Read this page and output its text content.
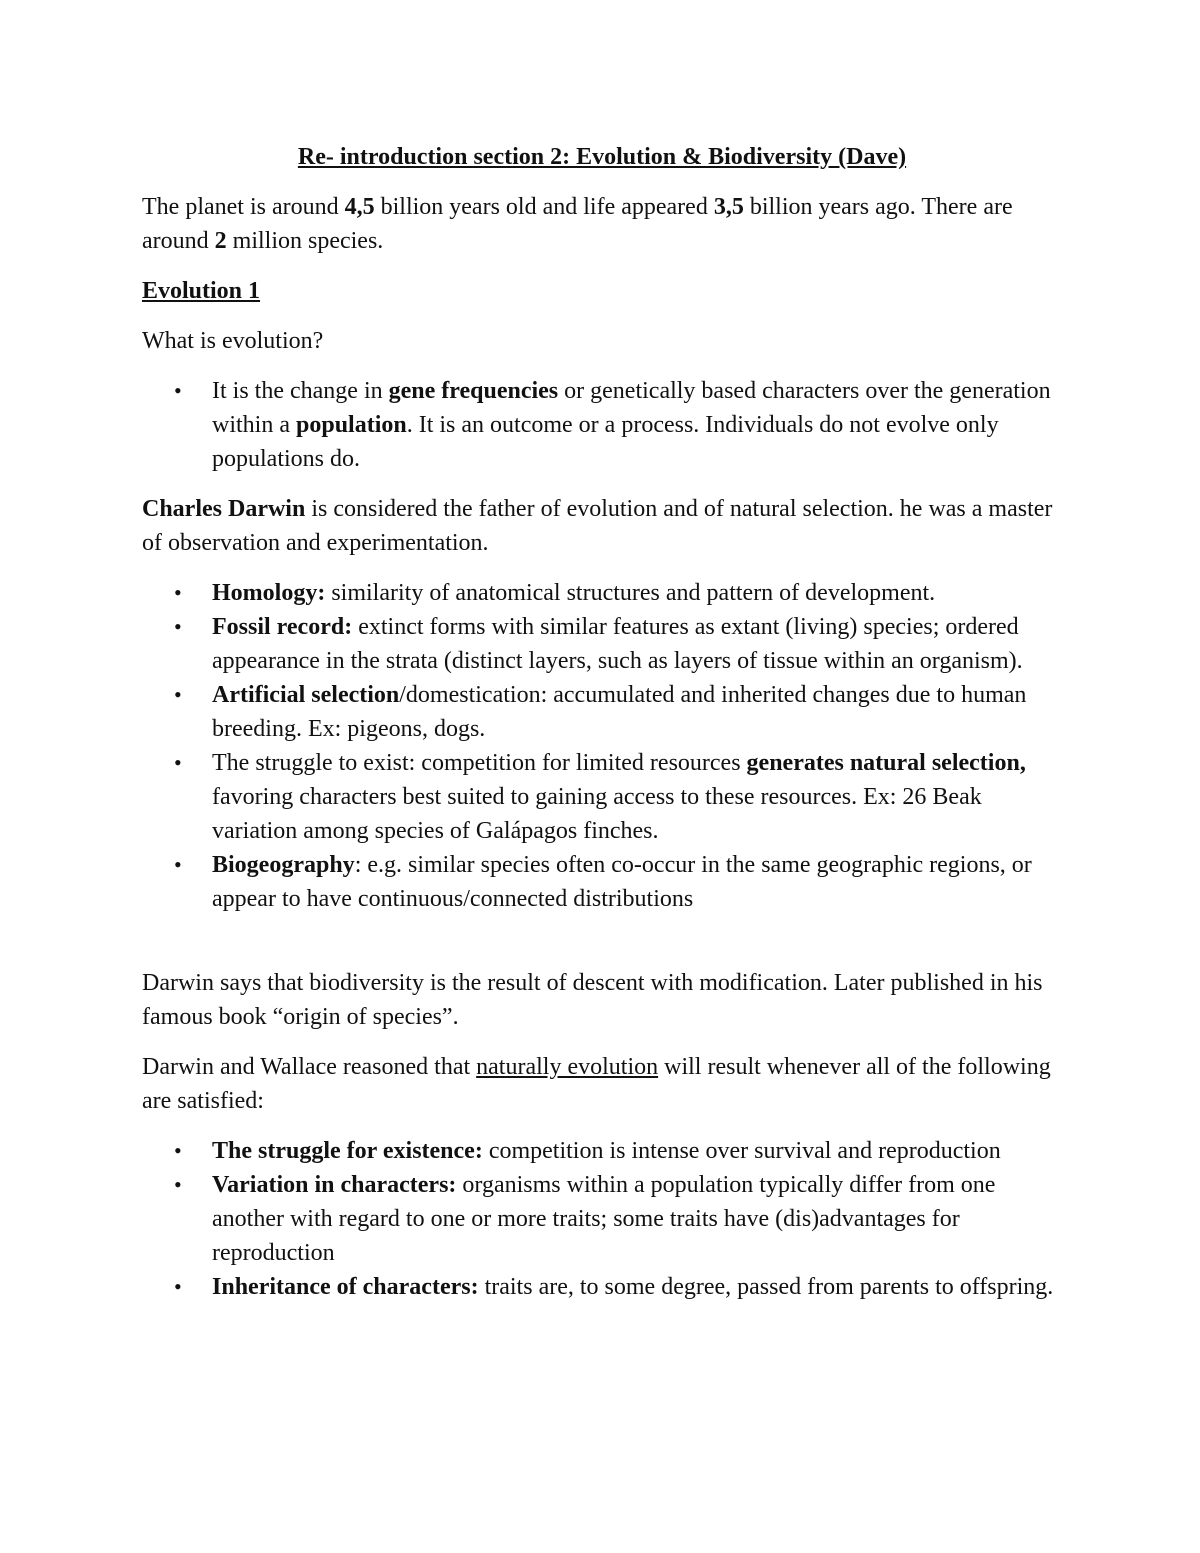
Re- introduction section 2: Evolution & Biodiversity (Dave)

The planet is around 4,5 billion years old and life appeared 3,5 billion years ago. There are around 2 million species.

Evolution 1

What is evolution?

• It is the change in gene frequencies or genetically based characters over the generation within a population. It is an outcome or a process. Individuals do not evolve only populations do.

Charles Darwin is considered the father of evolution and of natural selection. he was a master of observation and experimentation.

• Homology: similarity of anatomical structures and pattern of development.
• Fossil record: extinct forms with similar features as extant (living) species; ordered appearance in the strata (distinct layers, such as layers of tissue within an organism).
• Artificial selection/domestication: accumulated and inherited changes due to human breeding. Ex: pigeons, dogs.
• The struggle to exist: competition for limited resources generates natural selection, favoring characters best suited to gaining access to these resources. Ex: 26 Beak variation among species of Galápagos finches.
• Biogeography: e.g. similar species often co-occur in the same geographic regions, or appear to have continuous/connected distributions

Darwin says that biodiversity is the result of descent with modification. Later published in his famous book “origin of species”.

Darwin and Wallace reasoned that naturally evolution will result whenever all of the following are satisfied:

• The struggle for existence: competition is intense over survival and reproduction
• Variation in characters: organisms within a population typically differ from one another with regard to one or more traits; some traits have (dis)advantages for reproduction
• Inheritance of characters: traits are, to some degree, passed from parents to offspring.
